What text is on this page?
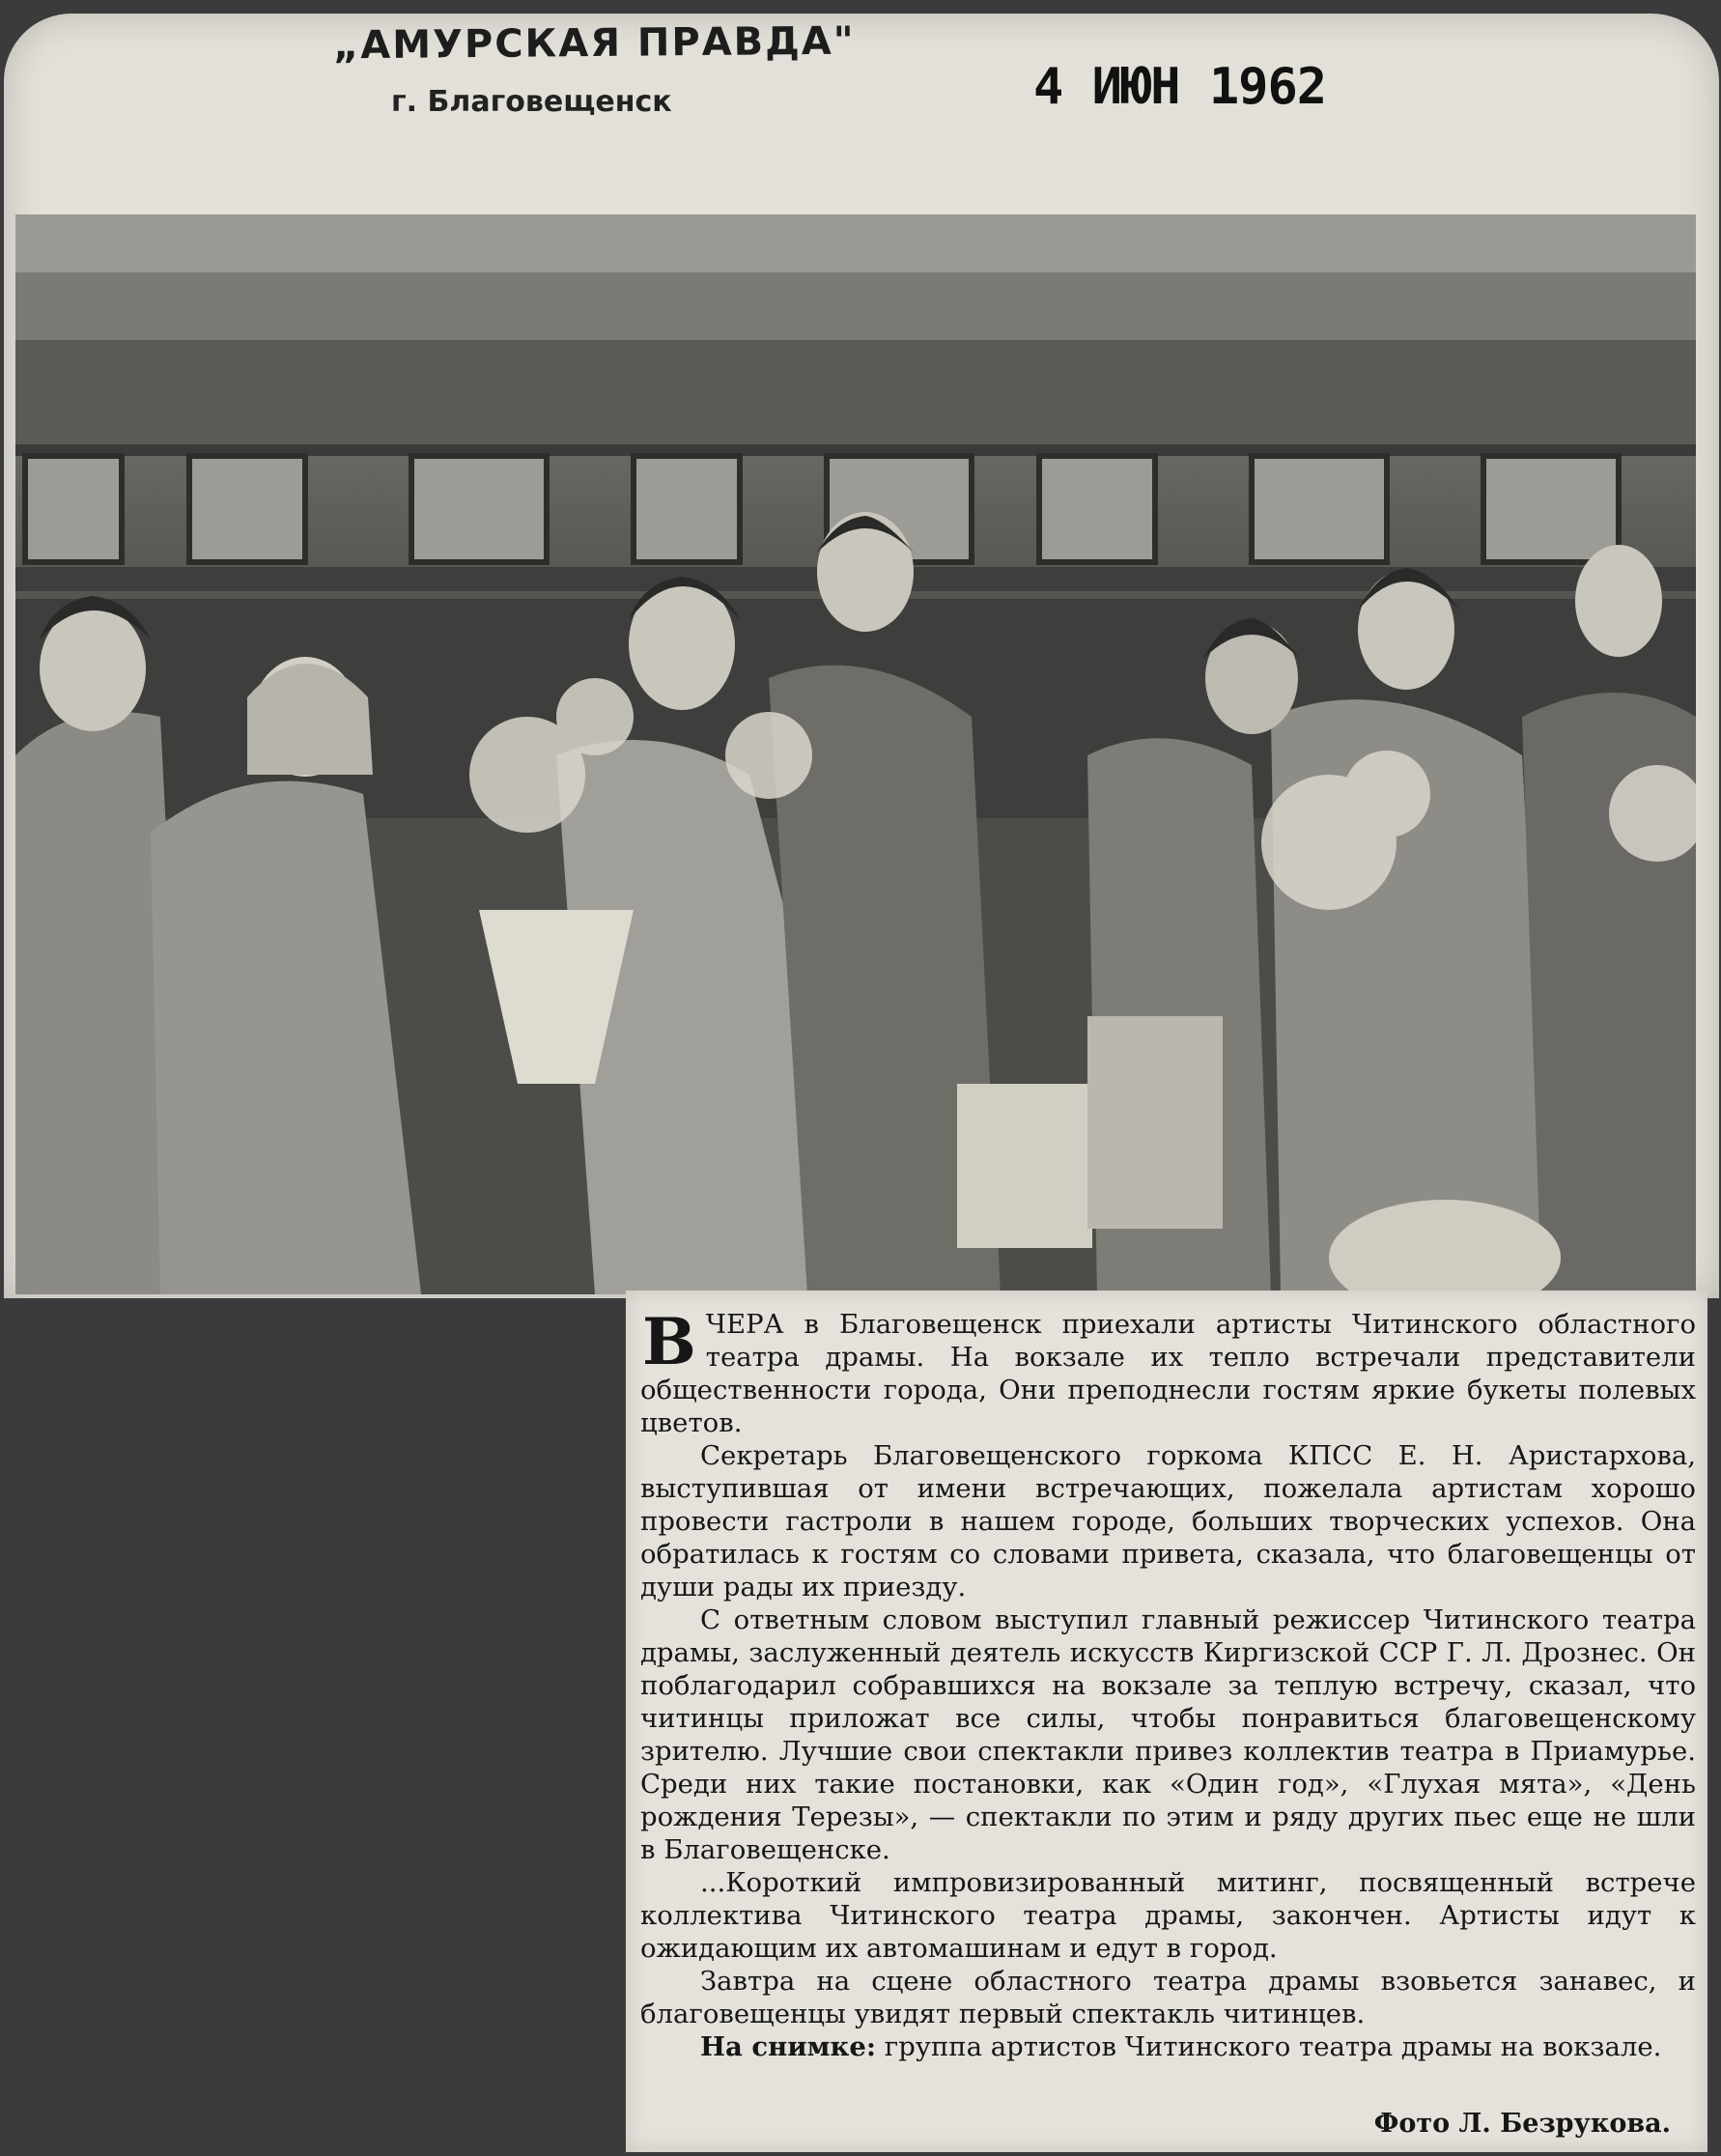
„АМУРСКАЯ ПРАВДА"
г. Благовещенск	4 ИЮН 1962

ВЧЕРА в Благовещенск приехали артисты Читинского областного театра драмы. На вокзале их тепло встречали представители общественности города, Они преподнесли гостям яркие букеты полевых цветов.

Секретарь Благовещенского горкома КПСС Е. Н. Аристархова, выступившая от имени встречающих, пожелала артистам хорошо провести гастроли в нашем городе, больших творческих успехов. Она обратилась к гостям со словами привета, сказала, что благовещенцы от души рады их приезду.

С ответным словом выступил главный режиссер Читинского театра драмы, заслуженный деятель искусств Киргизской ССР Г. Л. Дрознес. Он поблагодарил собравшихся на вокзале за теплую встречу, сказал, что читинцы приложат все силы, чтобы понравиться благовещенскому зрителю. Лучшие свои спектакли привез коллектив театра в Приамурье. Среди них такие постановки, как «Один год», «Глухая мята», «День рождения Терезы», — спектакли по этим и ряду других пьес еще не шли в Благовещенске.

...Короткий импровизированный митинг, посвященный встрече коллектива Читинского театра драмы, закончен. Артисты идут к ожидающим их автомашинам и едут в город.

Завтра на сцене областного театра драмы взовьется занавес, и благовещенцы увидят первый спектакль читинцев.

На снимке: группа артистов Читинского театра драмы на вокзале.

Фото Л. Безрукова.
